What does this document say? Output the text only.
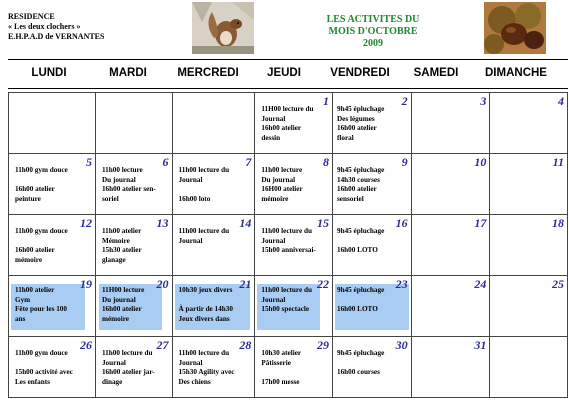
RESIDENCE
« Les deux clochers »
E.H.P.A.D de VERNANTES
LES ACTIVITES DU
MOIS D'OCTOBRE
2009
LUNDI	MARDI	MERCREDI	JEUDI	VENDREDI	SAMEDI	DIMANCHE

			1
11H00 lecture du
Journal
16h00 atelier
dessin	2
9h45 épluchage
Des légumes
16h00 atelier
floral	3	4

5
11h00 gym douce

16h00 atelier
peinture	6
11h00 lecture
Du journal
16h00 atelier sen-
soriel	7
11h00 lecture du
Journal

16h00 loto	8
11h00 lecture
Du journal
16H00 atelier
mémoire	9
9h45 épluchage
14h30 courses
16h00 atelier
sensoriel	10	11

12
11h00 gym douce

16h00 atelier
mémoire	13
11h00 atelier
Mémoire
15h30 atelier
glanage	14
11h00 lecture du
Journal	15
11h00 lecture du
Journal
15h00 anniversai-	16
9h45 épluchage

16h00 LOTO	17	18

19
11h00 atelier
Gym
Fête pour les 100
ans	20
11H00 lecture
Du journal
16h00 atelier
mémoire	21
10h30 jeux divers

À partir de 14h30
Jeux divers dans	22
11h00 lecture du
Journal
15h00 spectacle	23
9h45 épluchage

16h00 LOTO	24	25

26
11h00 gym douce

15h00 activité avec
Les enfants	27
11h00 lecture du
Journal
16h00 atelier jar-
dinage	28
11h00 lecture du
Journal
15h30 Agility avec
Des chiens	29
10h30 atelier
Pâtisserie

17h00 messe	30
9h45 épluchage

16h00 courses	31	
